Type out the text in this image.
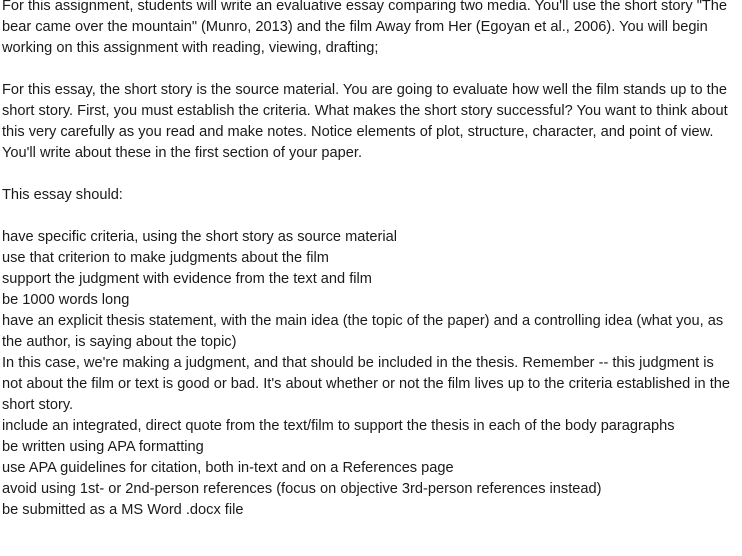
For this assignment, students will write an evaluative essay comparing two media. You'll use the short story "The bear came over the mountain" (Munro, 2013) and the film Away from Her (Egoyan et al., 2006). You will begin working on this assignment with reading, viewing, drafting;

For this essay, the short story is the source material. You are going to evaluate how well the film stands up to the short story. First, you must establish the criteria. What makes the short story successful? You want to think about this very carefully as you read and make notes. Notice elements of plot, structure, character, and point of view. You'll write about these in the first section of your paper.

This essay should:

have specific criteria, using the short story as source material
use that criterion to make judgments about the film
support the judgment with evidence from the text and film
be 1000 words long
have an explicit thesis statement, with the main idea (the topic of the paper) and a controlling idea (what you, as the author, is saying about the topic)
In this case, we're making a judgment, and that should be included in the thesis. Remember -- this judgment is not about the film or text is good or bad. It's about whether or not the film lives up to the criteria established in the short story.
include an integrated, direct quote from the text/film to support the thesis in each of the body paragraphs
be written using APA formatting
use APA guidelines for citation, both in-text and on a References page
avoid using 1st- or 2nd-person references (focus on objective 3rd-person references instead)
be submitted as a MS Word .docx file
